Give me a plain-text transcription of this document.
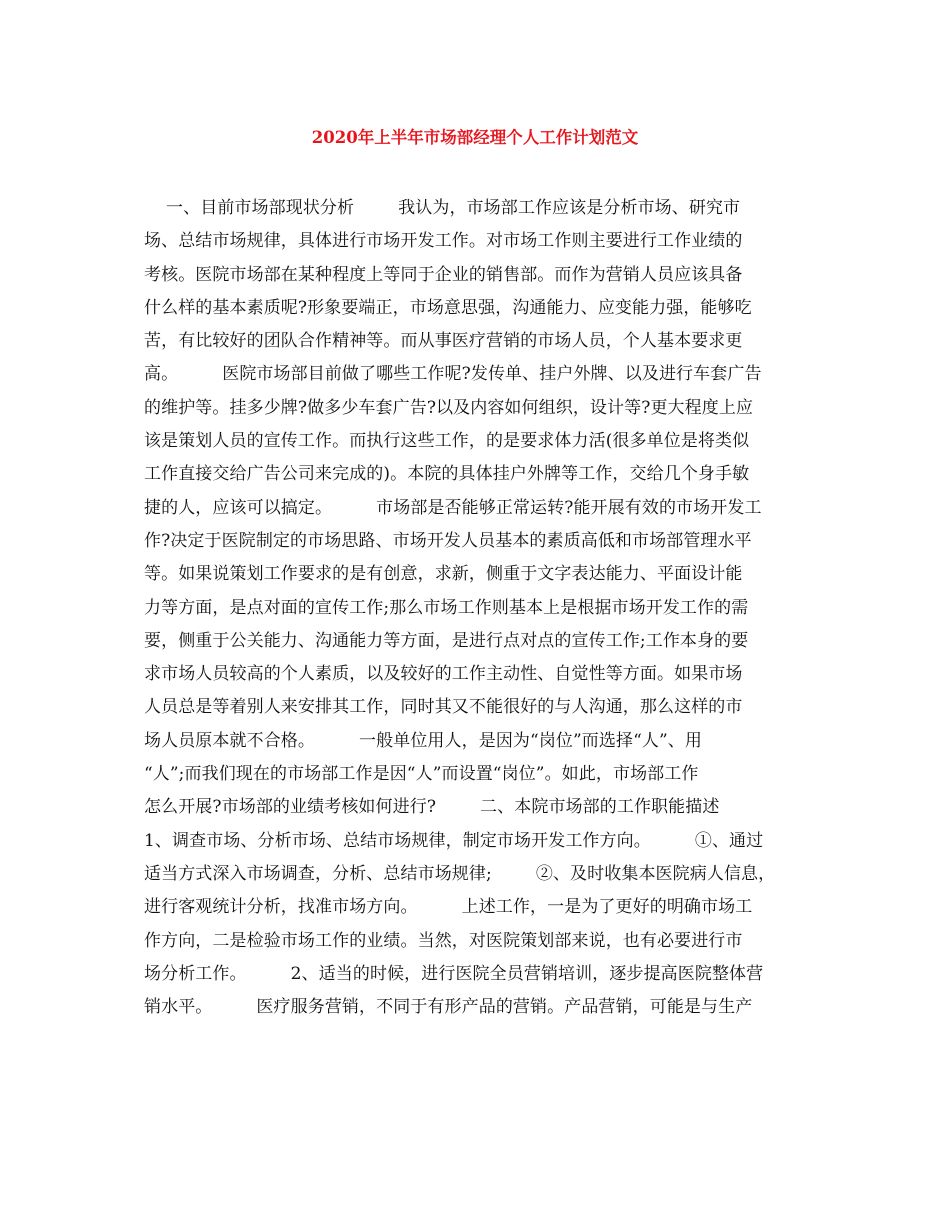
2020年上半年市场部经理个人工作计划范文
一、目前市场部现状分析        我认为，市场部工作应该是分析市场、研究市
场、总结市场规律，具体进行市场开发工作。对市场工作则主要进行工作业绩的
考核。医院市场部在某种程度上等同于企业的销售部。而作为营销人员应该具备
什么样的基本素质呢?形象要端正，市场意思强，沟通能力、应变能力强，能够吃
苦，有比较好的团队合作精神等。而从事医疗营销的市场人员，个人基本要求更
高。        医院市场部目前做了哪些工作呢?发传单、挂户外牌、以及进行车套广告
的维护等。挂多少牌?做多少车套广告?以及内容如何组织，设计等?更大程度上应
该是策划人员的宣传工作。而执行这些工作，的是要求体力活(很多单位是将类似
工作直接交给广告公司来完成的)。本院的具体挂户外牌等工作，交给几个身手敏
捷的人，应该可以搞定。        市场部是否能够正常运转?能开展有效的市场开发工
作?决定于医院制定的市场思路、市场开发人员基本的素质高低和市场部管理水平
等。如果说策划工作要求的是有创意，求新，侧重于文字表达能力、平面设计能
力等方面，是点对面的宣传工作;那么市场工作则基本上是根据市场开发工作的需
要，侧重于公关能力、沟通能力等方面，是进行点对点的宣传工作;工作本身的要
求市场人员较高的个人素质，以及较好的工作主动性、自觉性等方面。如果市场
人员总是等着别人来安排其工作，同时其又不能很好的与人沟通，那么这样的市
场人员原本就不合格。        一般单位用人，是因为“岗位”而选择“人”、用
“人”;而我们现在的市场部工作是因“人”而设置“岗位”。如此，市场部工作
怎么开展?市场部的业绩考核如何进行?        二、本院市场部的工作职能描述
1、调查市场、分析市场、总结市场规律，制定市场开发工作方向。        ①、通过
适当方式深入市场调查，分析、总结市场规律;        ②、及时收集本医院病人信息，
进行客观统计分析，找准市场方向。        上述工作，一是为了更好的明确市场工
作方向，二是检验市场工作的业绩。当然，对医院策划部来说，也有必要进行市
场分析工作。        2、适当的时候，进行医院全员营销培训，逐步提高医院整体营
销水平。        医疗服务营销，不同于有形产品的营销。产品营销，可能是与生产
